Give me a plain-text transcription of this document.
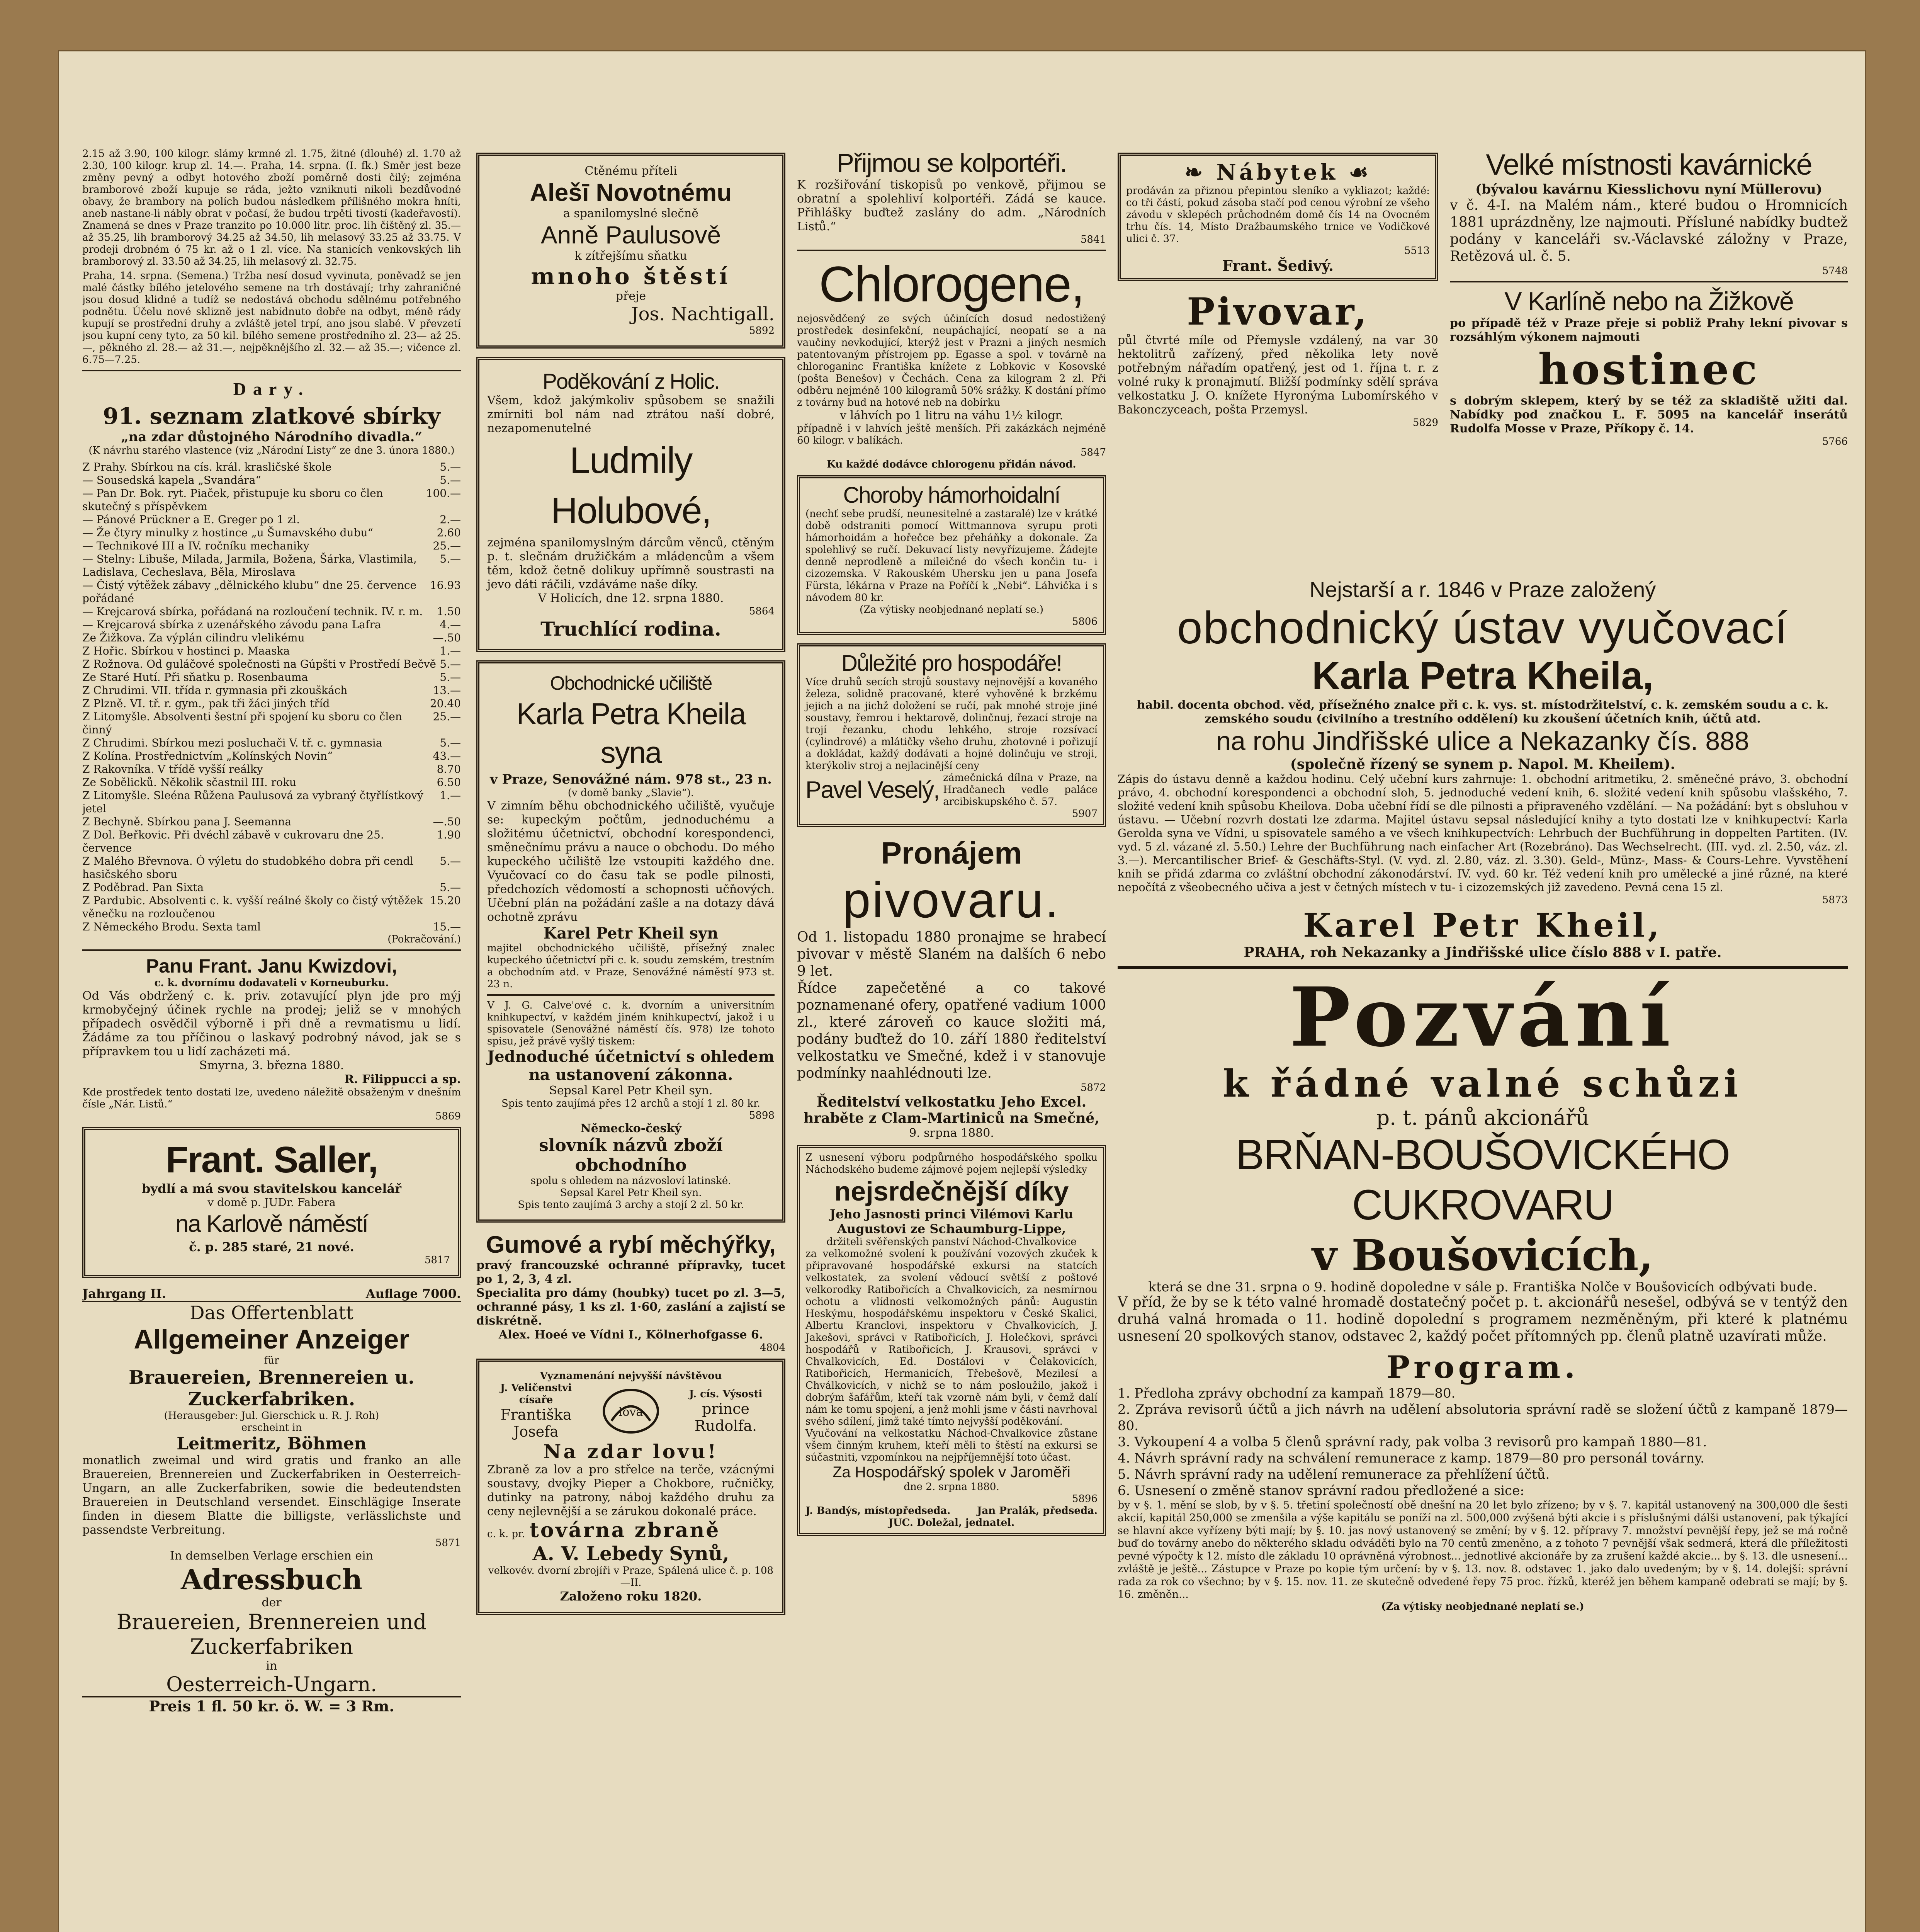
2.15 až 3.90, 100 kilogr. slámy krmné zl. 1.75, žitné (dlouhé) zl. 1.70 až 2.30, 100 kilogr. krup zl. 14.—. Praha, 14. srpna. (I. fk.) Směr jest beze změny pevný a odbyt hotového zboží poměrně dosti čilý; zejména bramborové zboží kupuje se ráda, ježto vzniknuti nikoli bezdůvodné obavy, že brambory na polích budou následkem přílišného mokra hníti, aneb nastane-li nábly obrat v počasí, že budou trpěti tivostí (kadeřavostí). Znamená se dnes v Praze tranzito po 10.000 litr. proc. lih čištěný zl. 35.— až 35.25, lih bramborový 34.25 až 34.50, lih melasový 33.25 až 33.75. V prodeji drobném ó 75 kr. až o 1 zl. více. Na stanicích venkovských lih bramborový zl. 33.50 až 34.25, lih melasový zl. 32.75.
Praha, 14. srpna. (Semena.) Tržba nesí dosud vyvinuta, poněvadž se jen malé částky bílého jetelového semene na trh dostávají; trhy zahraničné jsou dosud klidné a tudíž se nedostává obchodu sdělnému potřebného podnětu. Účelu nové sklizně jest nabídnuto dobře na odbyt, méně rády kupují se prostřední druhy a zvláště jetel trpí, ano jsou slabé. V převzetí jsou kupní ceny tyto, za 50 kil. bílého semene prostředního zl. 23— až 25.—, pěkného zl. 28.— až 31.—, nejpěknějšího zl. 32.— až 35.—; vičence zl. 6.75—7.25.
Dary.
91. seznam zlatkové sbírky
„na zdar důstojného Národního divadla.“
(K návrhu starého vlastence (viz „Národní Listy“ ze dne 3. února 1880.)
Z Prahy. Sbírkou na cís. král. krasličské škole	5.—
— Sousedská kapela „Svandára“	5.—
— Pan Dr. Bok. ryt. Piaček, přistupuje ku sboru co člen skutečný s příspěvkem
100.—
— Pánové Prückner a E. Greger po 1 zl.	2.—
— Že čtyry minulky z hostince „u Šumavského dubu“	2.60
— Technikové III a IV. ročníku mechaniky	25.—
— Stelny: Libuše, Milada, Jarmila, Božena, Šárka, Vlastimila, Ladislava, Cecheslava, Běla, Miroslava
5.—
— Čistý výtěžek zábavy „dělnického klubu“ dne 25. července pořádané
16.93
— Krejcarová sbírka, pořádaná na rozloučení technik. IV. r. m. 1.50
— Krejcarová sbírka z uzenářského závodu pana Lafra	4.—
Ze Žižkova. Za výplán cilindru vlelikému	—.50
Z Hořic. Sbírkou v hostinci p. Maaska	1.—
Z Rožnova. Od guláčové společnosti na Gúpšti v Prostředí Bečvě 5.—
Ze Staré Hutí. Při sňatku p. Rosenbauma	5.—
Z Chrudimi. VII. třída r. gymnasia při zkouškách	13.—
Z Plzně. VI. tř. r. gym., pak tři žáci jiných tříd	20.40
Z Litomyšle. Absolventi šestní při spojení ku sboru co člen činný
25.—
Z Chrudimi. Sbírkou mezi posluchači V. tř. c. gymnasia	5.—
Z Kolína. Prostřednictvím „Kolínských Novin“	43.—
Z Rakovníka. V třídě vyšší reálky	8.70
Ze Sobělicků. Několik sčastnil III. roku	6.50
Z Litomyšle. Sleéna Růžena Paulusová za vybraný čtyřlístkový jetel
1.—
Z Bechyně. Sbírkou pana J. Seemanna	—.50
Z Dol. Beřkovic. Při dvéchl zábavě v cukrovaru dne 25. července
1.90
Z Malého Břevnova. Ó výletu do studobkého dobra při cendl hasičského sboru
5.—
Z Poděbrad. Pan Sixta	5.—
Z Pardubic. Absolventi c. k. vyšší reálné školy co čistý výtěžek věnečku na rozloučenou
15.20
Z Německého Brodu. Sexta taml	15.—
(Pokračování.)
Panu Frant. Janu Kwizdovi,
c. k. dvornímu dodavateli v Korneuburku.
Od Vás obdržený c. k. priv. zotavující plyn jde pro mýj krmobyčejný účinek rychle na prodej; jeliž se v mnohých případech osvědčil výborně i při dně a revmatismu u lidí. Žádáme za tou příčinou o laskavý podrobný návod, jak se s přípravkem tou u lidí zacházeti má.
Smyrna, 3. března 1880.
R. Filippucci a sp.
Kde prostředek tento dostati lze, uvedeno náležitě obsaženým v dnešním čísle „Nár. Listů.“
5869
Frant. Saller,
bydlí a má svou stavitelskou kancelář
v domě p. JUDr. Fabera
na Karlově náměstí
č. p. 285 staré, 21 nové.
5817
Jahrgang II.	Auflage 7000.
Das Offertenblatt
Allgemeiner Anzeiger
für
Brauereien, Brennereien u. Zuckerfabriken.
(Herausgeber: Jul. Gierschick u. R. J. Roh)
erscheint in
Leitmeritz, Böhmen
monatlich zweimal und wird gratis und franko an alle Brauereien, Brennereien und Zuckerfabriken in Oesterreich-Ungarn, an alle Zuckerfabriken, sowie die bedeutendsten Brauereien in Deutschland versendet. Einschlägige Inserate finden in diesem Blatte die billigste, verlässlichste und passendste Verbreitung.
5871
In demselben Verlage erschien ein
Adressbuch
der
Brauereien, Brennereien und Zuckerfabriken
in
Oesterreich-Ungarn.
Preis 1 fl. 50 kr. ö. W. = 3 Rm.
Ctěnému příteli
Alešī Novotnému
a spanilomyslné slečně
Anně Paulusově
k zítřejšímu sňatku
mnoho štěstí
přeje
Jos. Nachtigall.
5892
Poděkování z Holic.
Všem, kdož jakýmkoliv spůsobem se snažili zmírniti bol nám nad ztrátou naší dobré, nezapomenutelné
Ludmily Holubové,
zejména spanilomyslným dárcům věnců, ctěným p. t. slečnám družičkám a mládencům a všem těm, kdož četně dolikuy upřímně soustrasti na jevo dáti ráčili, vzdáváme naše díky.
V Holicích, dne 12. srpna 1880.
5864
Truchlící rodina.
Obchodnické učiliště
Karla Petra Kheila syna
v Praze, Senovážné nám. 978 st., 23 n.
(v domě banky „Slavie“).
V zimním běhu obchodnického učiliště, vyučuje se: kupeckým počtům, jednoduchému a složitému účetnictví, obchodní korespondenci, směnečnímu právu a nauce o obchodu. Do mého kupeckého učiliště lze vstoupiti každého dne. Vyučovací co do času tak se podle pilnosti, předchozích vědomostí a schopnosti učňových. Učební plán na požádání zašle a na dotazy dává ochotně zprávu
Karel Petr Kheil syn
majitel obchodnického učiliště, přísežný znalec kupeckého účetnictví při c. k. soudu zemském, trestním a obchodním atd. v Praze, Senovážné náměstí 973 st. 23 n.
V J. G. Calve'ové c. k. dvorním a universitním knihkupectví, v každém jiném knihkupectví, jakož i u spisovatele (Senovážné náměstí čís. 978) lze tohoto spisu, jež právě vyšlý tiskem:
Jednoduché účetnictví s ohledem na ustanovení zákonna.
Sepsal Karel Petr Kheil syn.
Spis tento zaujímá přes 12 archů a stojí 1 zl. 80 kr.
5898
Německo-český
slovník názvů zboží obchodního
spolu s ohledem na názvosloví latinské.
Sepsal Karel Petr Kheil syn.
Spis tento zaujímá 3 archy a stojí 2 zl. 50 kr.
Gumové a rybí měchýřky,
pravý francouzské ochranné přípravky, tucet po 1, 2, 3, 4 zl.
Specialita pro dámy (houbky) tucet po zl. 3—5, ochranné pásy, 1 ks zl. 1·60, zaslání a zajistí se diskrétně.
Alex. Hoeé ve Vídni I., Kölnerhofgasse 6.
4804
Vyznamenání nejvyšší návštěvou
J. Veličenstvi císaře
Františka Josefa
lova
J. cís. Výsosti
prince Rudolfa.
Na zdar lovu!
Zbraně za lov a pro střelce na terče, vzácnými soustavy, dvojky Pieper a Chokbore, ručničky, dutinky na patrony, náboj každého druhu za ceny nejlevnější a se zárukou dokonalé práce.
c. k. pr. továrna zbraně
A. V. Lebedy Synů,
velkovév. dvorní zbrojíři v Praze, Spálená ulice č. p. 108—II.
Založeno roku 1820.
Přijmou se kolportéři.
K rozšiřování tiskopisů po venkově, přijmou se obratní a spolehliví kolportéři. Zádá se kauce. Přihlášky buďtež zaslány do adm. „Národních Listů.“
5841
Chlorogene,
nejosvědčený ze svých účinících dosud nedostižený prostředek desinfekční, neupáchající, neopatí se a na vaučiny nevkodující, kterýž jest v Prazni a jiných nesmích patentovaným přístrojem pp. Egasse a spol. v továrně na chloroganinc Františka knížete z Lobkovic v Kosovské (pošta Benešov) v Čechách. Cena za kilogram 2 zl. Při odběru nejméně 100 kilogramů 50% srážky. K dostání přímo z továrny bud na hotové neb na dobírku
v láhvích po 1 litru na váhu 1½ kilogr.
případně i v lahvích ještě menších. Při zakázkách nejméně 60 kilogr. v balíkách.
5847
Ku každé dodávce chlorogenu přidán návod.
Choroby hámorhoidalní
(nechť sebe prudší, neunesitelné a zastaralé) lze v krátké době odstraniti pomocí Wittmannova syrupu proti hámorhoidám a hořečce bez přeháňky a dokonale. Za spolehlivý se ručí. Dekuvací listy nevyřízujeme. Žádejte denně neprodleně a mileičné do všech končin tu- i cizozemska. V Rakouském Uhersku jen u pana Josefa Fürsta, lékárna v Praze na Poříčí k „Nebi“. Láhvička i s návodem 80 kr.
(Za výtisky neobjednané neplatí se.)
5806
Důležité pro hospodáře!
Více druhů secích strojů soustavy nejnovější a kovaného železa, solidně pracované, které vyhověné k brzkému jejich a na jichž doložení se ručí, pak mnohé stroje jiné soustavy, řemrou i hektarově, dolinčnuj, řezací stroje na trojí řezanku, chodu lehkého, stroje rozsívací (cylindrové) a mlátičky všeho druhu, zhotovné i pořizují a dokládat, každý dodávati a hojné dolinčuju ve stroji, kterýkoliv stroj a nejlacinější ceny
Pavel Veselý, zámečnická dílna v Praze, na Hradčanech vedle paláce arcibiskupského č. 57.
5907
Pronájem
pivovaru.
Od 1. listopadu 1880 pronajme se hrabecí pivovar v městě Slaném na dalších 6 nebo 9 let.
Řídce zapečetěné a co takové poznamenané ofery, opatřené vadium 1000 zl., které zároveň co kauce složiti má, podány buďtež do 10. září 1880 ředitelství velkostatku ve Smečné, kdež i v stanovuje podmínky naahlédnouti lze.
5872
Ředitelství velkostatku Jeho Excel. hraběte z Clam-Martiniců na Smečné,
9. srpna 1880.
Z usnesení výboru podpůrného hospodářského spolku Náchodského budeme zájmové pojem nejlepší výsledky
nejsrdečnější díky
Jeho Jasnosti princi Vilémovi Karlu Augustovi ze Schaumburg-Lippe,
držiteli svěřenských panství Náchod-Chvalkovice
za velkomožné svolení k používání vozových zkuček k připravované hospodářské exkursi na statcích velkostatek, za svolení vědoucí světší z poštové velkorodky Ratibořicích a Chvalkovicích, za nesmírnou ochotu a vlídnosti velkomožných pánů: Augustin Heskýmu, hospodářskému inspektoru v České Skalici, Albertu Kranclovi, inspektoru v Chvalkovicích, J. Jakešovi, správci v Ratibořicích, J. Holečkovi, správci hospodářů v Ratibořicích, J. Krausovi, správci v Chvalkovicích, Ed. Dostálovi v Čelakovicích, Ratibořicích, Hermanicích, Třebešově, Mezilesí a Chválkovicích, v nichž se to nám posloužilo, jakož i dobrým šafářům, kteří tak vzorně nám byli, v čemž dalí nám ke tomu spojení, a jenž mohli jsme v části navrhoval svého sdílení, jimž také tímto nejvyšší poděkování.
Vyučování na velkostatku Náchod-Chvalkovice zůstane všem činným kruhem, kteří měli to štěstí na exkursi se súčastniti, vzpomínkou na nejpříjemnější toto účast.
Za Hospodářský spolek v Jaroměři
dne 2. srpna 1880.
5896
J. Bandýs, místopředseda.	Jan Pralák, předseda.
JUC. Doležal, jednatel.
❧ Nábytek ☙
prodáván za přiznou přepintou sleníko a vykliazot; každé: co tři částí, pokud zásoba stačí pod cenou výrobní ze všeho závodu v sklepéch průchodném domě čís 14 na Ovocném trhu čís. 14, Místo Dražbaumského trnice ve Vodičkové ulici č. 37.
5513
Frant. Šedivý.
Pivovar,
půl čtvrté míle od Přemysle vzdálený, na var 30 hektolitrů zařízený, před několika lety nově potřebným nářadím opatřený, jest od 1. října t. r. z volné ruky k pronajmutí. Bližší podmínky sdělí správa velkostatku J. O. knížete Hyronýma Lubomírského v Bakonczyceach, pošta Przemysl.
5829
Velké místnosti kavárnické
(bývalou kavárnu Kiesslichovu nyní Müllerovu)
v č. 4-I. na Malém nám., které budou o Hromnicích 1881 uprázdněny, lze najmouti. Přísluné nabídky budtež podány v kanceláři sv.-Václavské záložny v Praze, Retězová ul. č. 5.
5748
V Karlíně nebo na Žižkově
po případě též v Praze přeje si pobliž Prahy lekní pivovar s rozsáhlým výkonem najmouti
hostinec
s dobrým sklepem, který by se též za skladiště užiti dal. Nabídky pod značkou L. F. 5095 na kancelář inserátů Rudolfa Mosse v Praze, Příkopy č. 14.
5766
Nejstarší a r. 1846 v Praze založený
obchodnický ústav vyučovací
Karla Petra Kheila,
habil. docenta obchod. věd, přísežného znalce při c. k. vys. st. místodržitelství, c. k. zemském soudu a c. k. zemského soudu (civilního a trestního oddělení) ku zkoušení účetních knih, účtů atd.
na rohu Jindřišské ulice a Nekazanky čís. 888
(společně řízený se synem p. Napol. M. Kheilem).
Zápis do ústavu denně a každou hodinu. Celý učební kurs zahrnuje: 1. obchodní aritmetiku, 2. směnečné právo, 3. obchodní právo, 4. obchodní korespondenci a obchodní sloh, 5. jednoduché vedení knih, 6. složité vedení knih spůsobu vlašského, 7. složité vedení knih spůsobu Kheilova. Doba učební řídí se dle pilnosti a připraveného vzdělání. — Na požádání: byt s obsluhou v ústavu. — Učební rozvrh dostati lze zdarma. Majitel ústavu sepsal následující knihy a tyto dostati lze v knihkupectví: Karla Gerolda syna ve Vídni, u spisovatele samého a ve všech knihkupectvích: Lehrbuch der Buchführung in doppelten Partiten. (IV. vyd. 5 zl. vázané zl. 5.50.) Lehre der Buchführung nach einfacher Art (Rozebráno). Das Wechselrecht. (III. vyd. zl. 2.50, váz. zl. 3.—). Mercantilischer Brief- & Geschäfts-Styl. (V. vyd. zl. 2.80, váz. zl. 3.30). Geld-, Münz-, Mass- & Cours-Lehre. Vyvstěhení knih se přidá zdarma co zvláštní obchodní zákonodárství. IV. vyd. 60 kr. Též vedení knih pro umělecké a jiné různé, na které nepočítá z všeobecného učiva a jest v četných místech v tu- i cizozemských již zavedeno. Pevná cena 15 zl.
5873
Karel Petr Kheil,
PRAHA, roh Nekazanky a Jindřišské ulice číslo 888 v I. patře.
Pozvání
k řádné valné schůzi
p. t. pánů akcionářů
BRŇAN-BOUŠOVICKÉHO CUKROVARU
v Boušovicích,
která se dne 31. srpna o 9. hodině dopoledne v sále p. Františka Nolče v Boušovicích odbývati bude.
V příd, že by se k této valné hromadě dostatečný počet p. t. akcionářů nesešel, odbývá se v tentýž den druhá valná hromada o 11. hodině dopolední s programem nezměněným, při které k platnému usnesení 20 spolkových stanov, odstavec 2, každý počet přítomných pp. členů platně uzavírati může.
Program.
1. Předloha zprávy obchodní za kampaň 1879—80.
2. Zpráva revisorů účtů a jich návrh na udělení absolutoria správní radě se složení účtů z kampaně 1879—80.
3. Vykoupení 4 a volba 5 členů správní rady, pak volba 3 revisorů pro kampaň 1880—81.
4. Návrh správní rady na schválení remunerace z kamp. 1879—80 pro personál továrny.
5. Návrh správní rady na udělení remunerace za přehlížení účtů.
6. Usnesení o změně stanov správní radou předložené a sice:
by v §. 1. mění se slob, by v §. 5. třetiní společností obě dnešní na 20 let bylo zřízeno; by v §. 7. kapitál ustanovený na 300,000 dle šesti akcií, kapitál 250,000 se zmenšila a výše kapitálu se poníží na zl. 500,000 zvýšená býti akcie i s příslušnými dálši ustanovení, pak týkající se hlavní akce vyřízeny býti mají; by §. 10. jas nový ustanovený se změní; by v §. 12. přípravy 7. množství pevnější řepy, jež se má ročně buď do továrny anebo do některého skladu odváděti bylo na 70 centů zmeněno, a z tohoto 7 pevnější však sedmerá, která dle příležitosti pevné výpočty k 12. místo dle základu 10 oprávněná výrobnost... jednotlivé akcionáře by za zrušení každé akcie... by §. 13. dle usnesení... zvláště je ještě... Zástupce v Praze po kopie tým určení: by v §. 13. nov. 8. odstavec 1. jako dalo uvedeným; by v §. 14. dolejší: správní rada za rok co všechno; by v §. 15. nov. 11. ze skutečně odvedené řepy 75 proc. řízků, kteréž jen během kampaně odebrati se mají; by §. 16. změněn...
(Za výtisky neobjednané neplatí se.)
